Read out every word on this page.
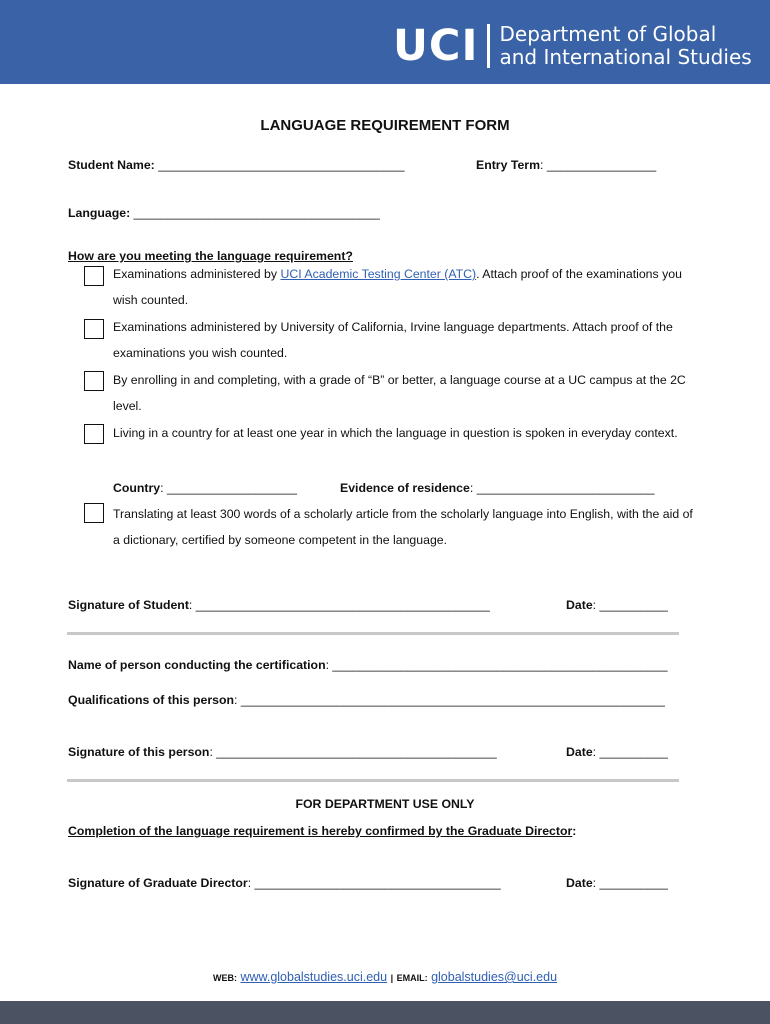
UCI Department of Global
and International Studies
LANGUAGE REQUIREMENT FORM
Student Name: ____________________________________	Entry Term: ________________
Language: ____________________________________
How are you meeting the language requirement?
Examinations administered by UCI Academic Testing Center (ATC). Attach proof of the examinations you wish counted.
Examinations administered by University of California, Irvine language departments. Attach proof of the examinations you wish counted.
By enrolling in and completing, with a grade of “B” or better, a language course at a UC campus at the 2C level.
Living in a country for at least one year in which the language in question is spoken in everyday context.
Country: ___________________	Evidence of residence: __________________________
Translating at least 300 words of a scholarly article from the scholarly language into English, with the aid of a dictionary, certified by someone competent in the language.
Signature of Student: ___________________________________________	Date: __________
Name of person conducting the certification: _________________________________________________
Qualifications of this person: ______________________________________________________________
Signature of this person: _________________________________________	Date: __________
FOR DEPARTMENT USE ONLY
Completion of the language requirement is hereby confirmed by the Graduate Director:
Signature of Graduate Director: ____________________________________	Date: __________
WEB: www.globalstudies.uci.edu | EMAIL: globalstudies@uci.edu
